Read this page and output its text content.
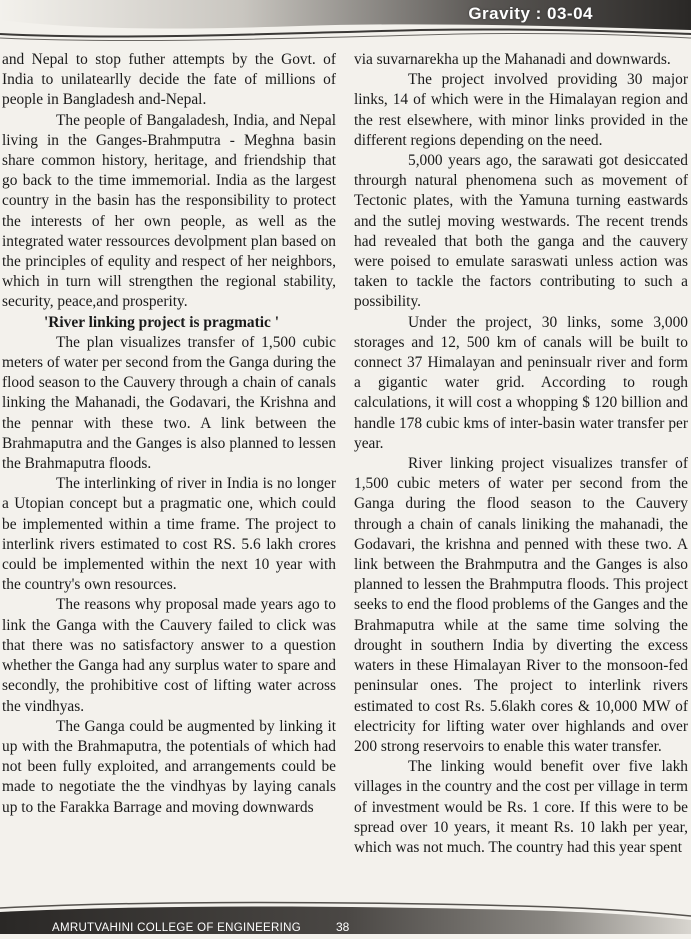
Gravity : 03-04

and Nepal to stop futher attempts by the Govt. of India to unilatearlly decide the fate of millions of people in Bangladesh and-Nepal.

The people of Bangaladesh, India, and Nepal living in the Ganges-Brahmputra - Meghna basin share common history, heritage, and friendship that go back to the time immemorial. India as the largest country in the basin has the responsibility to protect the interests of her own people, as well as the integrated water ressources devolpment plan based on the principles of equlity and respect of her neighbors, which in turn will strengthen the regional stability, security, peace,and prosperity.

'River linking project is pragmatic '

The plan visualizes transfer of 1,500 cubic meters of water per second from the Ganga during the flood season to the Cauvery through a chain of canals linking the Mahanadi, the Godavari, the Krishna and the pennar with these two. A link between the Brahmaputra and the Ganges is also planned to lessen the Brahmaputra floods.

The interlinking of river in India is no longer a Utopian concept but a pragmatic one, which could be implemented within a time frame. The project to interlink rivers estimated to cost RS. 5.6 lakh crores could be implemented within the next 10 year with the country's own resources.

The reasons why proposal made years ago to link the Ganga with the Cauvery failed to click was that there was no satisfactory answer to a question whether the Ganga had any surplus water to spare and secondly, the prohibitive cost of lifting water across the vindhyas.

The Ganga could be augmented by linking it up with the Brahmaputra, the potentials of which had not been fully exploited, and arrangements could be made to negotiate the the vindhyas by laying canals up to the Farakka Barrage and moving downwards

via suvarnarekha up the Mahanadi and downwards.

The project involved providing 30 major links, 14 of which were in the Himalayan region and the rest elsewhere, with minor links provided in the different regions depending on the need.

5,000 years ago, the sarawati got desiccated throurgh natural phenomena such as movement of Tectonic plates, with the Yamuna turning eastwards and the sutlej moving westwards. The recent trends had revealed that both the ganga and the cauvery were poised to emulate saraswati unless action was taken to tackle the factors contributing to such a possibility.

Under the project, 30 links, some 3,000 storages and 12, 500 km of canals will be built to connect 37 Himalayan and peninsualr river and form a gigantic water grid. According to rough calculations, it will cost a whopping $ 120 billion and handle 178 cubic kms of inter-basin water transfer per year.

River linking project visualizes transfer of 1,500 cubic meters of water per second from the Ganga during the flood season to the Cauvery through a chain of canals liniking the mahanadi, the Godavari, the krishna and penned with these two. A link between the Brahmputra and the Ganges is also planned to lessen the Brahmputra floods. This project seeks to end the flood problems of the Ganges and the Brahmaputra while at the same time solving the drought in southern India by diverting the excess waters in these Himalayan River to the monsoon-fed peninsular ones. The project to interlink rivers estimated to cost Rs. 5.6lakh cores & 10,000 MW of electricity for lifting water over highlands and over 200 strong reservoirs to enable this water transfer.

The linking would benefit over five lakh villages in the country and the cost per village in term of investment would be Rs. 1 core. If this were to be spread over 10 years, it meant Rs. 10 lakh per year, which was not much. The country had this year spent

AMRUTVAHINI COLLEGE OF ENGINEERING	38
